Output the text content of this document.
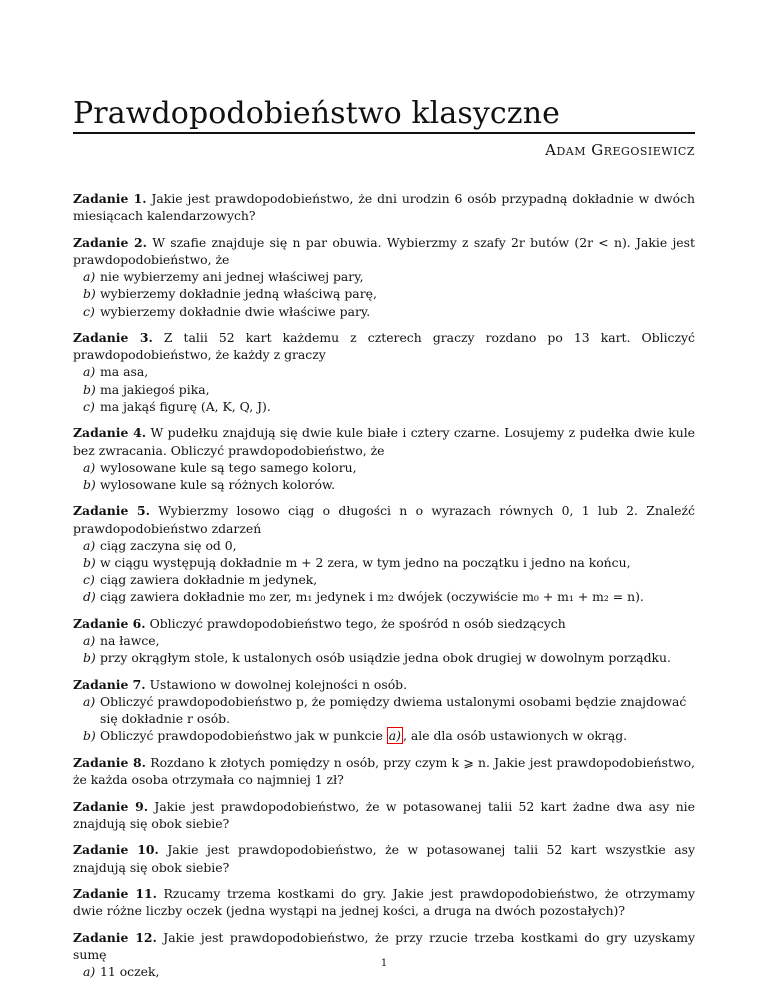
Prawdopodobieństwo klasyczne
Adam Gregosiewicz

Zadanie 1. Jakie jest prawdopodobieństwo, że dni urodzin 6 osób przypadną dokładnie w dwóch miesiącach kalendarzowych?

Zadanie 2. W szafie znajduje się n par obuwia. Wybierzmy z szafy 2r butów (2r < n). Jakie jest prawdopodobieństwo, że

a) nie wybierzemy ani jednej właściwej pary,
b) wybierzemy dokładnie jedną właściwą parę,
c) wybierzemy dokładnie dwie właściwe pary.

Zadanie 3. Z talii 52 kart każdemu z czterech graczy rozdano po 13 kart. Obliczyć prawdopodobieństwo, że każdy z graczy

a) ma asa,
b) ma jakiegoś pika,
c) ma jakąś figurę (A, K, Q, J).

Zadanie 4. W pudełku znajdują się dwie kule białe i cztery czarne. Losujemy z pudełka dwie kule bez zwracania. Obliczyć prawdopodobieństwo, że

a) wylosowane kule są tego samego koloru,
b) wylosowane kule są różnych kolorów.

Zadanie 5. Wybierzmy losowo ciąg o długości n o wyrazach równych 0, 1 lub 2. Znaleźć prawdopodobieństwo zdarzeń

a) ciąg zaczyna się od 0,
b) w ciągu występują dokładnie m + 2 zera, w tym jedno na początku i jedno na końcu,
c) ciąg zawiera dokładnie m jedynek,
d) ciąg zawiera dokładnie m₀ zer, m₁ jedynek i m₂ dwójek (oczywiście m₀ + m₁ + m₂ = n).

Zadanie 6. Obliczyć prawdopodobieństwo tego, że spośród n osób siedzących

a) na ławce,
b) przy okrągłym stole, k ustalonych osób usiądzie jedna obok drugiej w dowolnym porządku.

Zadanie 7. Ustawiono w dowolnej kolejności n osób.

a) Obliczyć prawdopodobieństwo p, że pomiędzy dwiema ustalonymi osobami będzie znajdować się dokładnie r osób.
b) Obliczyć prawdopodobieństwo jak w punkcie a) , ale dla osób ustawionych w okrąg.

Zadanie 8. Rozdano k złotych pomiędzy n osób, przy czym k ⩾ n. Jakie jest prawdopodobieństwo, że każda osoba otrzymała co najmniej 1 zł?

Zadanie 9. Jakie jest prawdopodobieństwo, że w potasowanej talii 52 kart żadne dwa asy nie znajdują się obok siebie?

Zadanie 10. Jakie jest prawdopodobieństwo, że w potasowanej talii 52 kart wszystkie asy znajdują się obok siebie?

Zadanie 11. Rzucamy trzema kostkami do gry. Jakie jest prawdopodobieństwo, że otrzymamy dwie różne liczby oczek (jedna wystąpi na jednej kości, a druga na dwóch pozostałych)?

Zadanie 12. Jakie jest prawdopodobieństwo, że przy rzucie trzeba kostkami do gry uzyskamy sumę

a) 11 oczek,
1
